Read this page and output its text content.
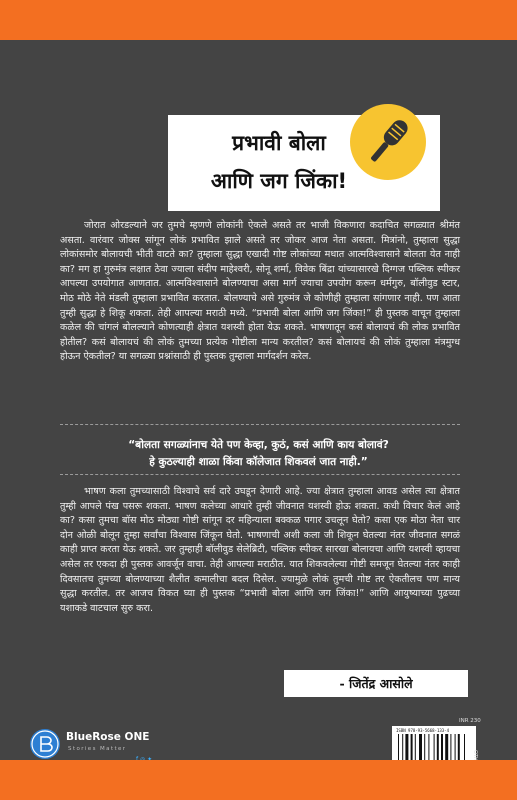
प्रभावी बोला
आणि जग जिंका!

जोरात ओरडल्याने जर तुमचे म्हणणे लोकांनी ऐकले असते तर भाजी विकणारा कदाचित सगळ्यात श्रीमंत असता. वारंवार जोक्स सांगून लोकं प्रभावित झाले असते तर जोकर आज नेता असता. मित्रांनो, तुम्हाला सुद्धा लोकांसमोर बोलायची भीती वाटते का? तुम्हाला सुद्धा एखादी गोष्ट लोकांच्या मधात आत्मविश्वासाने बोलता येत नाही का? मग हा गुरुमंत्र लक्षात ठेवा ज्याला संदीप माहेश्वरी, सोनू शर्मा, विवेक बिंद्रा यांच्यासारखे दिग्गज पब्लिक स्पीकर आपल्या उपयोगात आणतात. आत्मविश्वासाने बोलण्याचा असा मार्ग ज्याचा उपयोग करून धर्मगुरु, बॉलीवुड स्टार, मोठ मोठे नेते मंडली तुम्हाला प्रभावित करतात. बोलण्याचे असे गुरुमंत्र जे कोणीही तुम्हाला सांगणार नाही. पण आता तुम्ही सुद्धा हे शिकू शकता. तेही आपल्या मराठी मध्ये. “प्रभावी बोला आणि जग जिंका!” ही पुस्तक वाचून तुम्हाला कळेल की चांगलं बोलल्याने कोणत्याही क्षेत्रात यशस्वी होता येऊ शकते. भाषणातून कसं बोलायचं की लोक प्रभावित होतील? कसं बोलायचं की लोकं तुमच्या प्रत्येक गोष्टीला मान्य करतील? कसं बोलायचं की लोकं तुम्हाला मंत्रमुग्ध होऊन ऐकतील? या सगळ्या प्रश्नांसाठी ही पुस्तक तुम्हाला मार्गदर्शन करेल.

“बोलता सगळ्यांनाच येते पण केव्हा, कुठं, कसं आणि काय बोलावं?
हे कुठल्याही शाळा किंवा कॉलेजात शिकवलं जात नाही.”

भाषण कला तुमच्यासाठी विश्वाचे सर्व दारे उघडून देणारी आहे. ज्या क्षेत्रात तुम्हाला आवड असेल त्या क्षेत्रात तुम्ही आपले पंख पसरू शकता. भाषण कलेच्या आधारे तुम्ही जीवनात यशस्वी होऊ शकता. कधी विचार केलं आहे का? कसा तुमचा बॉस मोठ मोठ्या गोष्टी सांगून दर महिन्याला बक्कळ पगार उचलून घेतो? कसा एक मोठा नेता चार दोन ओळी बोलून तुम्हा सर्वांचा विश्वास जिंकून घेतो. भाषणाची अशी कला जी शिकून घेतल्या नंतर जीवनात सगळं काही प्राप्त करता येऊ शकते. जर तुम्हाही बॉलीवुड सेलेब्रिटी, पब्लिक स्पीकर सारखा बोलायचा आणि यशस्वी व्हायचा असेल तर एकदा ही पुस्तक आवर्जून वाचा. तेही आपल्या मराठीत. यात शिकवलेल्या गोष्टी समजून घेतल्या नंतर काही दिवसातच तुमच्या बोलण्याच्या शैलीत कमालीचा बदल दिसेल. ज्यामुळे लोकं तुमची गोष्ट तर ऐकतीलच पण मान्य सुद्धा करतील. तर आजच विकत घ्या ही पुस्तक “प्रभावी बोला आणि जग जिंका!” आणि आयुष्याच्या पुढच्या यशाकडे वाटचाल सुरु करा.

- जितेंद्र आसोले
INR 230
BlueRose ONE
Stories Matter
ISBN 978-93-5668-133-4
